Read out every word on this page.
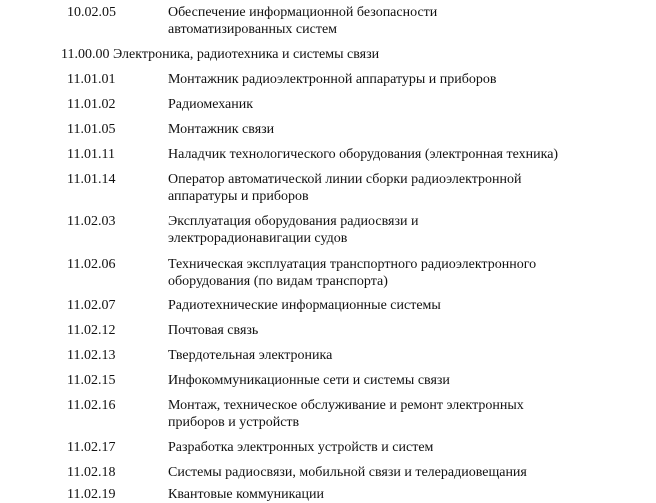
10.02.05	Обеспечение информационной безопасности
автоматизированных систем
11.00.00 Электроника, радиотехника и системы связи
11.01.01	Монтажник радиоэлектронной аппаратуры и приборов
11.01.02	Радиомеханик
11.01.05	Монтажник связи
11.01.11	Наладчик технологического оборудования (электронная техника)
11.01.14	Оператор автоматической линии сборки радиоэлектронной
аппаратуры и приборов
11.02.03	Эксплуатация оборудования радиосвязи и
электрорадионавигации судов
11.02.06	Техническая эксплуатация транспортного радиоэлектронного
оборудования (по видам транспорта)
11.02.07	Радиотехнические информационные системы
11.02.12	Почтовая связь
11.02.13	Твердотельная электроника
11.02.15	Инфокоммуникационные сети и системы связи
11.02.16	Монтаж, техническое обслуживание и ремонт электронных
приборов и устройств
11.02.17	Разработка электронных устройств и систем
11.02.18	Системы радиосвязи, мобильной связи и телерадиовещания
11.02.19	Квантовые коммуникации
